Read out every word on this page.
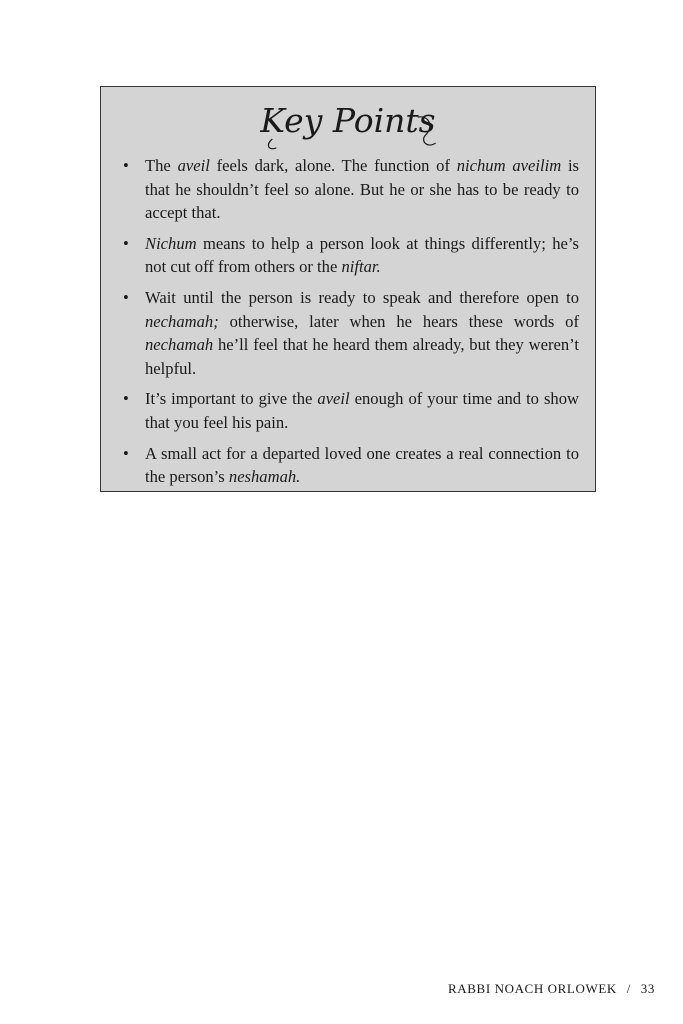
Key Points
• The aveil feels dark, alone. The function of nichum aveilim is that he shouldn’t feel so alone. But he or she has to be ready to accept that.
• Nichum means to help a person look at things differently; he’s not cut off from others or the niftar.
• Wait until the person is ready to speak and therefore open to nechamah; otherwise, later when he hears these words of nechamah he’ll feel that he heard them already, but they weren’t helpful.
• It’s important to give the aveil enough of your time and to show that you feel his pain.
• A small act for a departed loved one creates a real connection to the person’s neshamah.
RABBI NOACH ORLOWEK / 33
